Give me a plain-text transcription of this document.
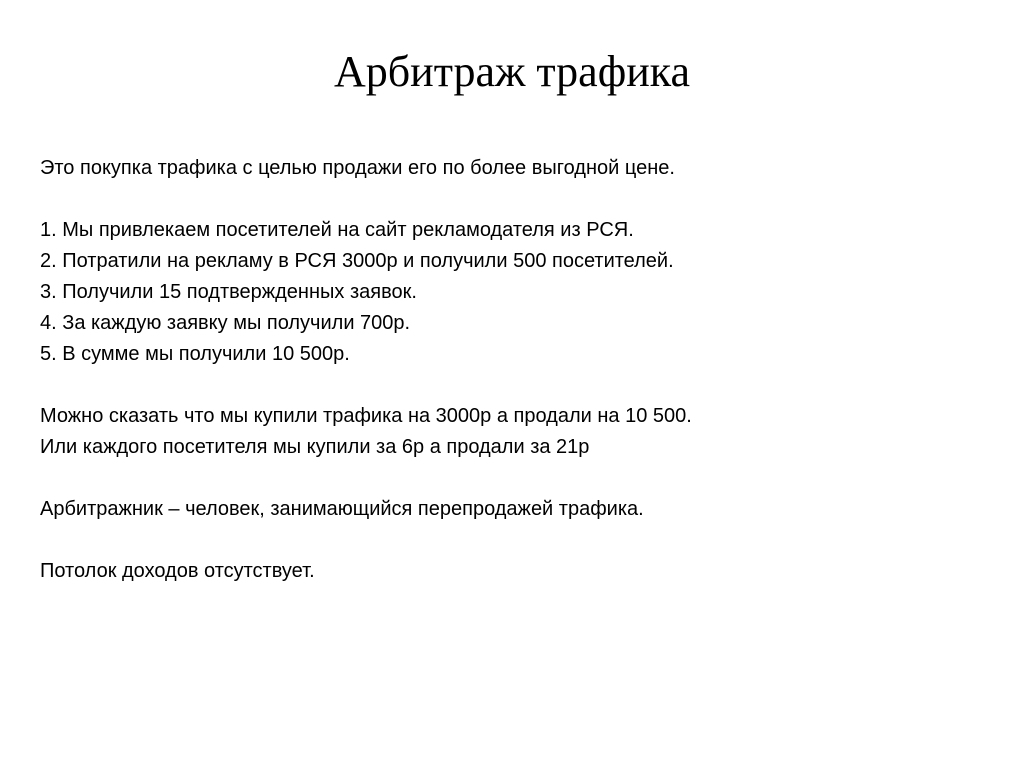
Арбитраж трафика

Это покупка трафика с целью продажи его по более выгодной цене.

1. Мы привлекаем посетителей на сайт рекламодателя из РСЯ.

2. Потратили на рекламу в РСЯ 3000р и получили 500 посетителей.

3. Получили 15 подтвержденных заявок.

4. За каждую заявку мы получили 700р.

5. В сумме мы получили 10 500р.

Можно сказать что мы купили трафика на 3000р а продали на 10 500.

Или каждого посетителя мы купили за 6р а продали за 21р

Арбитражник – человек, занимающийся перепродажей трафика.

Потолок доходов отсутствует.
